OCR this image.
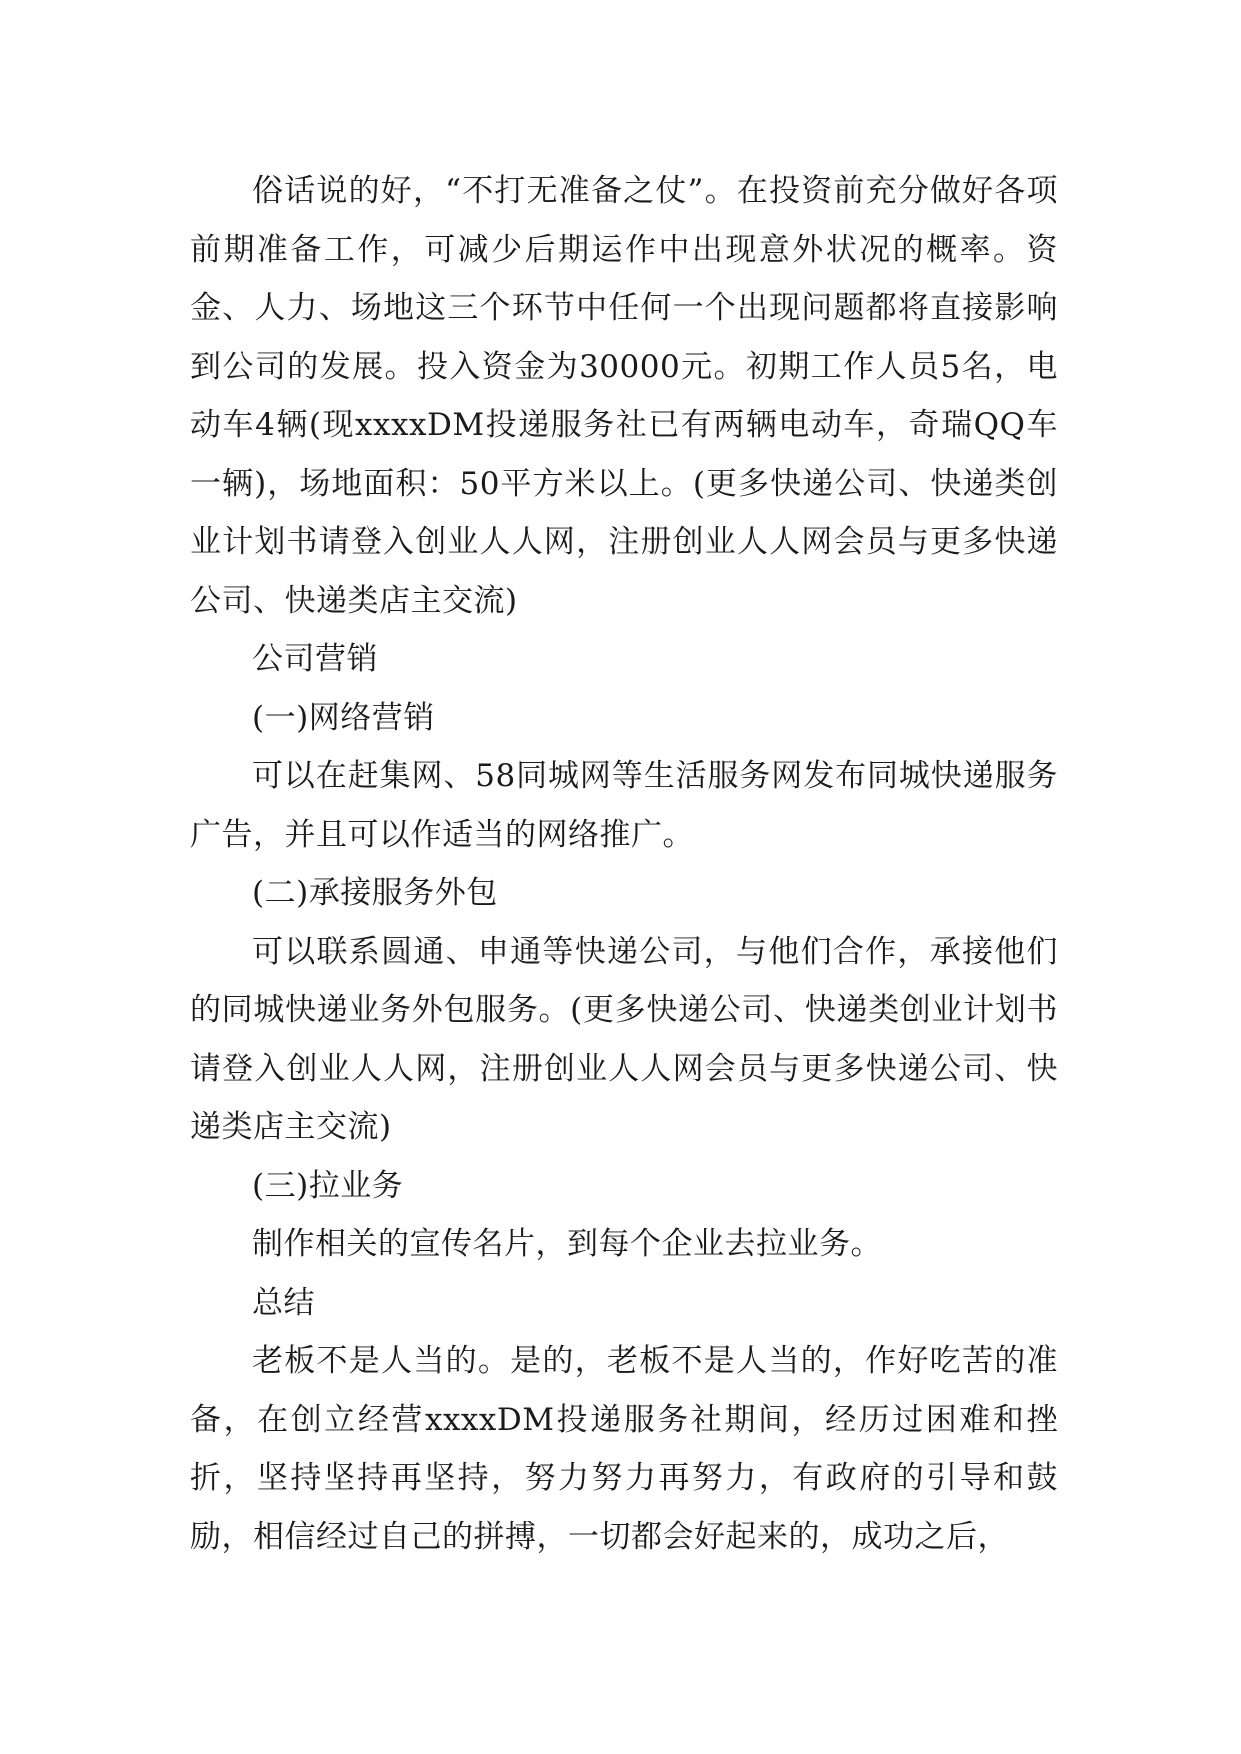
俗话说的好，“不打无准备之仗”。在投资前充分做好各项前期准备工作，可减少后期运作中出现意外状况的概率。资金、人力、场地这三个环节中任何一个出现问题都将直接影响到公司的发展。投入资金为30000元。初期工作人员5名，电动车4辆(现xxxxDM投递服务社已有两辆电动车，奇瑞QQ车一辆)，场地面积：50平方米以上。(更多快递公司、快递类创业计划书请登入创业人人网，注册创业人人网会员与更多快递公司、快递类店主交流)

公司营销

(一)网络营销

可以在赶集网、58同城网等生活服务网发布同城快递服务广告，并且可以作适当的网络推广。

(二)承接服务外包

可以联系圆通、申通等快递公司，与他们合作，承接他们的同城快递业务外包服务。(更多快递公司、快递类创业计划书请登入创业人人网，注册创业人人网会员与更多快递公司、快递类店主交流)

(三)拉业务

制作相关的宣传名片，到每个企业去拉业务。

总结

老板不是人当的。是的，老板不是人当的，作好吃苦的准备，在创立经营xxxxDM投递服务社期间，经历过困难和挫折，坚持坚持再坚持，努力努力再努力，有政府的引导和鼓励，相信经过自己的拼搏，一切都会好起来的，成功之后，
